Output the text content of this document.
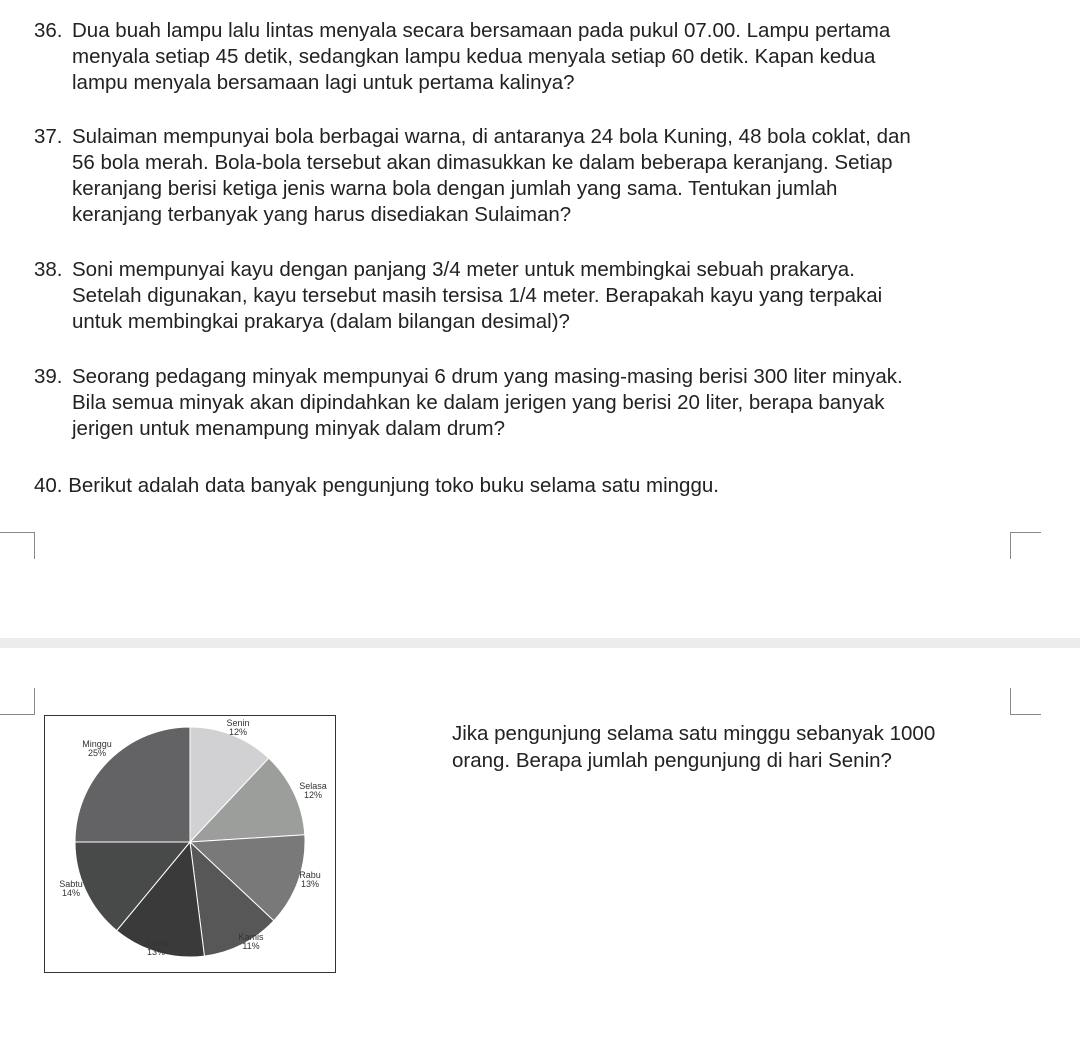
36. Dua buah lampu lalu lintas menyala secara bersamaan pada pukul 07.00. Lampu pertama
menyala setiap 45 detik, sedangkan lampu kedua menyala setiap 60 detik. Kapan kedua
lampu menyala bersamaan lagi untuk pertama kalinya?
37. Sulaiman mempunyai bola berbagai warna, di antaranya 24 bola Kuning, 48 bola coklat, dan
56 bola merah. Bola-bola tersebut akan dimasukkan ke dalam beberapa keranjang. Setiap
keranjang berisi ketiga jenis warna bola dengan jumlah yang sama. Tentukan jumlah
keranjang terbanyak yang harus disediakan Sulaiman?
38. Soni mempunyai kayu dengan panjang 3/4 meter untuk membingkai sebuah prakarya.
Setelah digunakan, kayu tersebut masih tersisa 1/4 meter. Berapakah kayu yang terpakai
untuk membingkai prakarya (dalam bilangan desimal)?
39. Seorang pedagang minyak mempunyai 6 drum yang masing-masing berisi 300 liter minyak.
Bila semua minyak akan dipindahkan ke dalam jerigen yang berisi 20 liter, berapa banyak
jerigen untuk menampung minyak dalam drum?
40. Berikut adalah data banyak pengunjung toko buku selama satu minggu.
Senin
12%
Selasa
12%
Rabu
13%
Kamis
11%
Jumat
13%
Sabtu
14%
Minggu
25%
Jika pengunjung selama satu minggu sebanyak 1000
orang. Berapa jumlah pengunjung di hari Senin?
